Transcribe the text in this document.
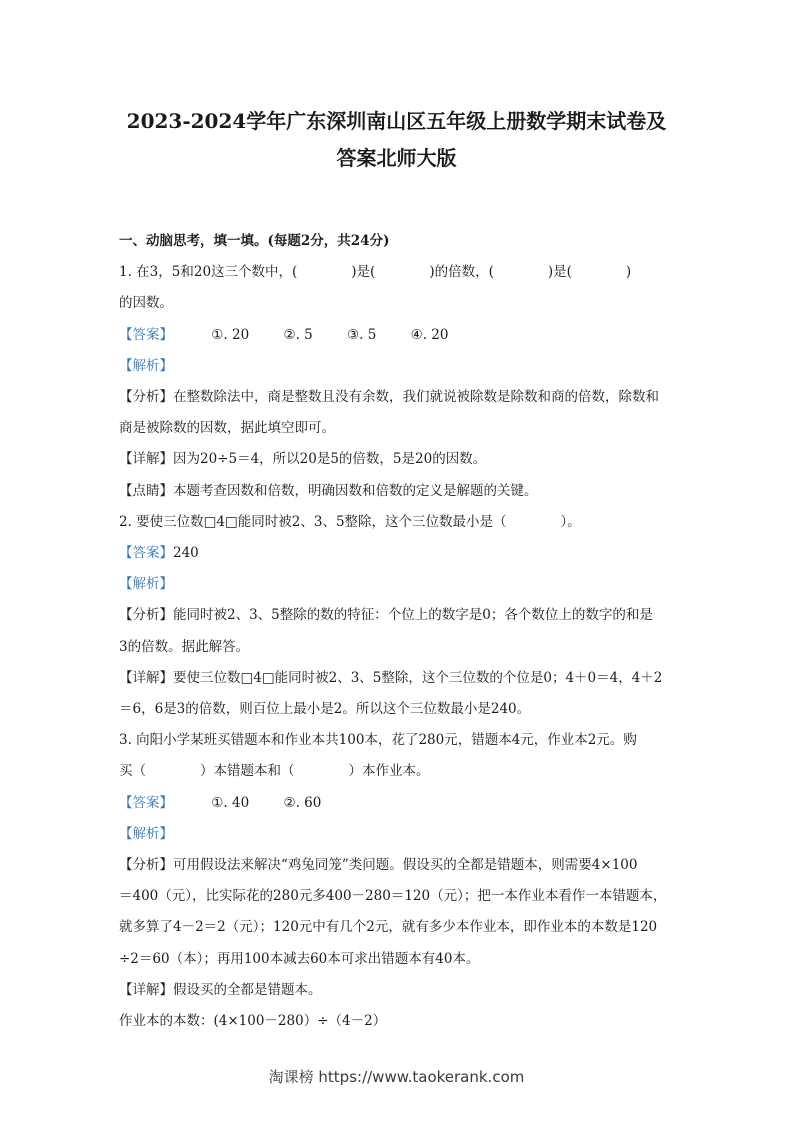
2023-2024学年广东深圳南山区五年级上册数学期末试卷及
答案北师大版
一、动脑思考，填一填。(每题2分，共24分)
1. 在3，5和20这三个数中，(　　　　)是(　　　　)的倍数，(　　　　)是(　　　　)
的因数。
【答案】	①. 20	②. 5	③. 5	④. 20
【解析】
【分析】在整数除法中，商是整数且没有余数，我们就说被除数是除数和商的倍数，除数和
商是被除数的因数，据此填空即可。
【详解】因为20÷5＝4，所以20是5的倍数，5是20的因数。
【点睛】本题考查因数和倍数，明确因数和倍数的定义是解题的关键。
2. 要使三位数□4□能同时被2、3、5整除，这个三位数最小是（　　　　）。
【答案】240
【解析】
【分析】能同时被2、3、5整除的数的特征：个位上的数字是0；各个数位上的数字的和是
3的倍数。据此解答。
【详解】要使三位数□4□能同时被2、3、5整除，这个三位数的个位是0；4＋0＝4，4＋2
＝6，6是3的倍数，则百位上最小是2。所以这个三位数最小是240。
3. 向阳小学某班买错题本和作业本共100本，花了280元，错题本4元，作业本2元。购
买（　　　　）本错题本和（　　　　）本作业本。
【答案】	①. 40	②. 60
【解析】
【分析】可用假设法来解决“鸡兔同笼”类问题。假设买的全都是错题本，则需要4×100
＝400（元），比实际花的280元多400－280＝120（元）；把一本作业本看作一本错题本，
就多算了4－2＝2（元）；120元中有几个2元，就有多少本作业本，即作业本的本数是120
÷2＝60（本）；再用100本减去60本可求出错题本有40本。
【详解】假设买的全都是错题本。
作业本的本数：(4×100－280）÷（4－2）
淘课榜 https://www.taokerank.com
